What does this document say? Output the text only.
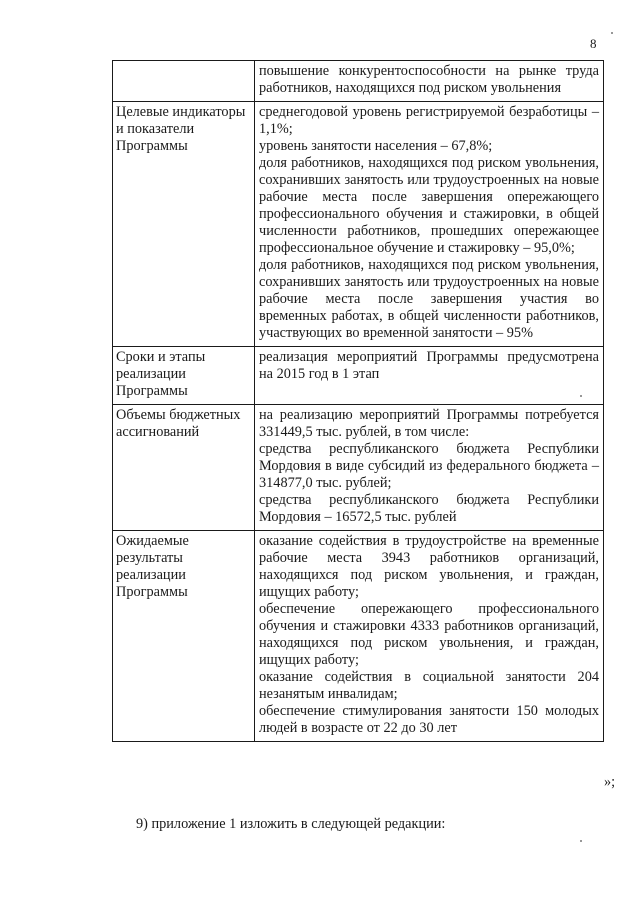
8

	повышение конкурентоспособности на рынке труда работников, находящихся под риском увольнения

Целевые индикаторы и показатели Программы	среднегодовой уровень регистрируемой безработицы – 1,1%;
уровень занятости населения – 67,8%;
доля работников, находящихся под риском увольнения, сохранивших занятость или трудоустроенных на новые рабочие места после завершения опережающего профессионального обучения и стажировки, в общей численности работников, прошедших опережающее профессиональное обучение и стажировку – 95,0%;
доля работников, находящихся под риском увольнения, сохранивших занятость или трудоустроенных на новые рабочие места после завершения участия во временных работах, в общей численности работников, участвующих во временной занятости – 95%

Сроки и этапы реализации Программы	реализация мероприятий Программы предусмотрена на 2015 год в 1 этап

Объемы бюджетных ассигнований	на реализацию мероприятий Программы потребуется 331449,5 тыс. рублей, в том числе:
средства республиканского бюджета Республики Мордовия в виде субсидий из федерального бюджета – 314877,0 тыс. рублей;
средства республиканского бюджета Республики Мордовия – 16572,5 тыс. рублей

Ожидаемые результаты реализации Программы	оказание содействия в трудоустройстве на временные рабочие места 3943 работников организаций, находящихся под риском увольнения, и граждан, ищущих работу;
обеспечение опережающего профессионального обучения и стажировки 4333 работников организаций, находящихся под риском увольнения, и граждан, ищущих работу;
оказание содействия в социальной занятости 204 незанятым инвалидам;
обеспечение стимулирования занятости 150 молодых людей в возрасте от 22 до 30 лет
»;
9) приложение 1 изложить в следующей редакции:
